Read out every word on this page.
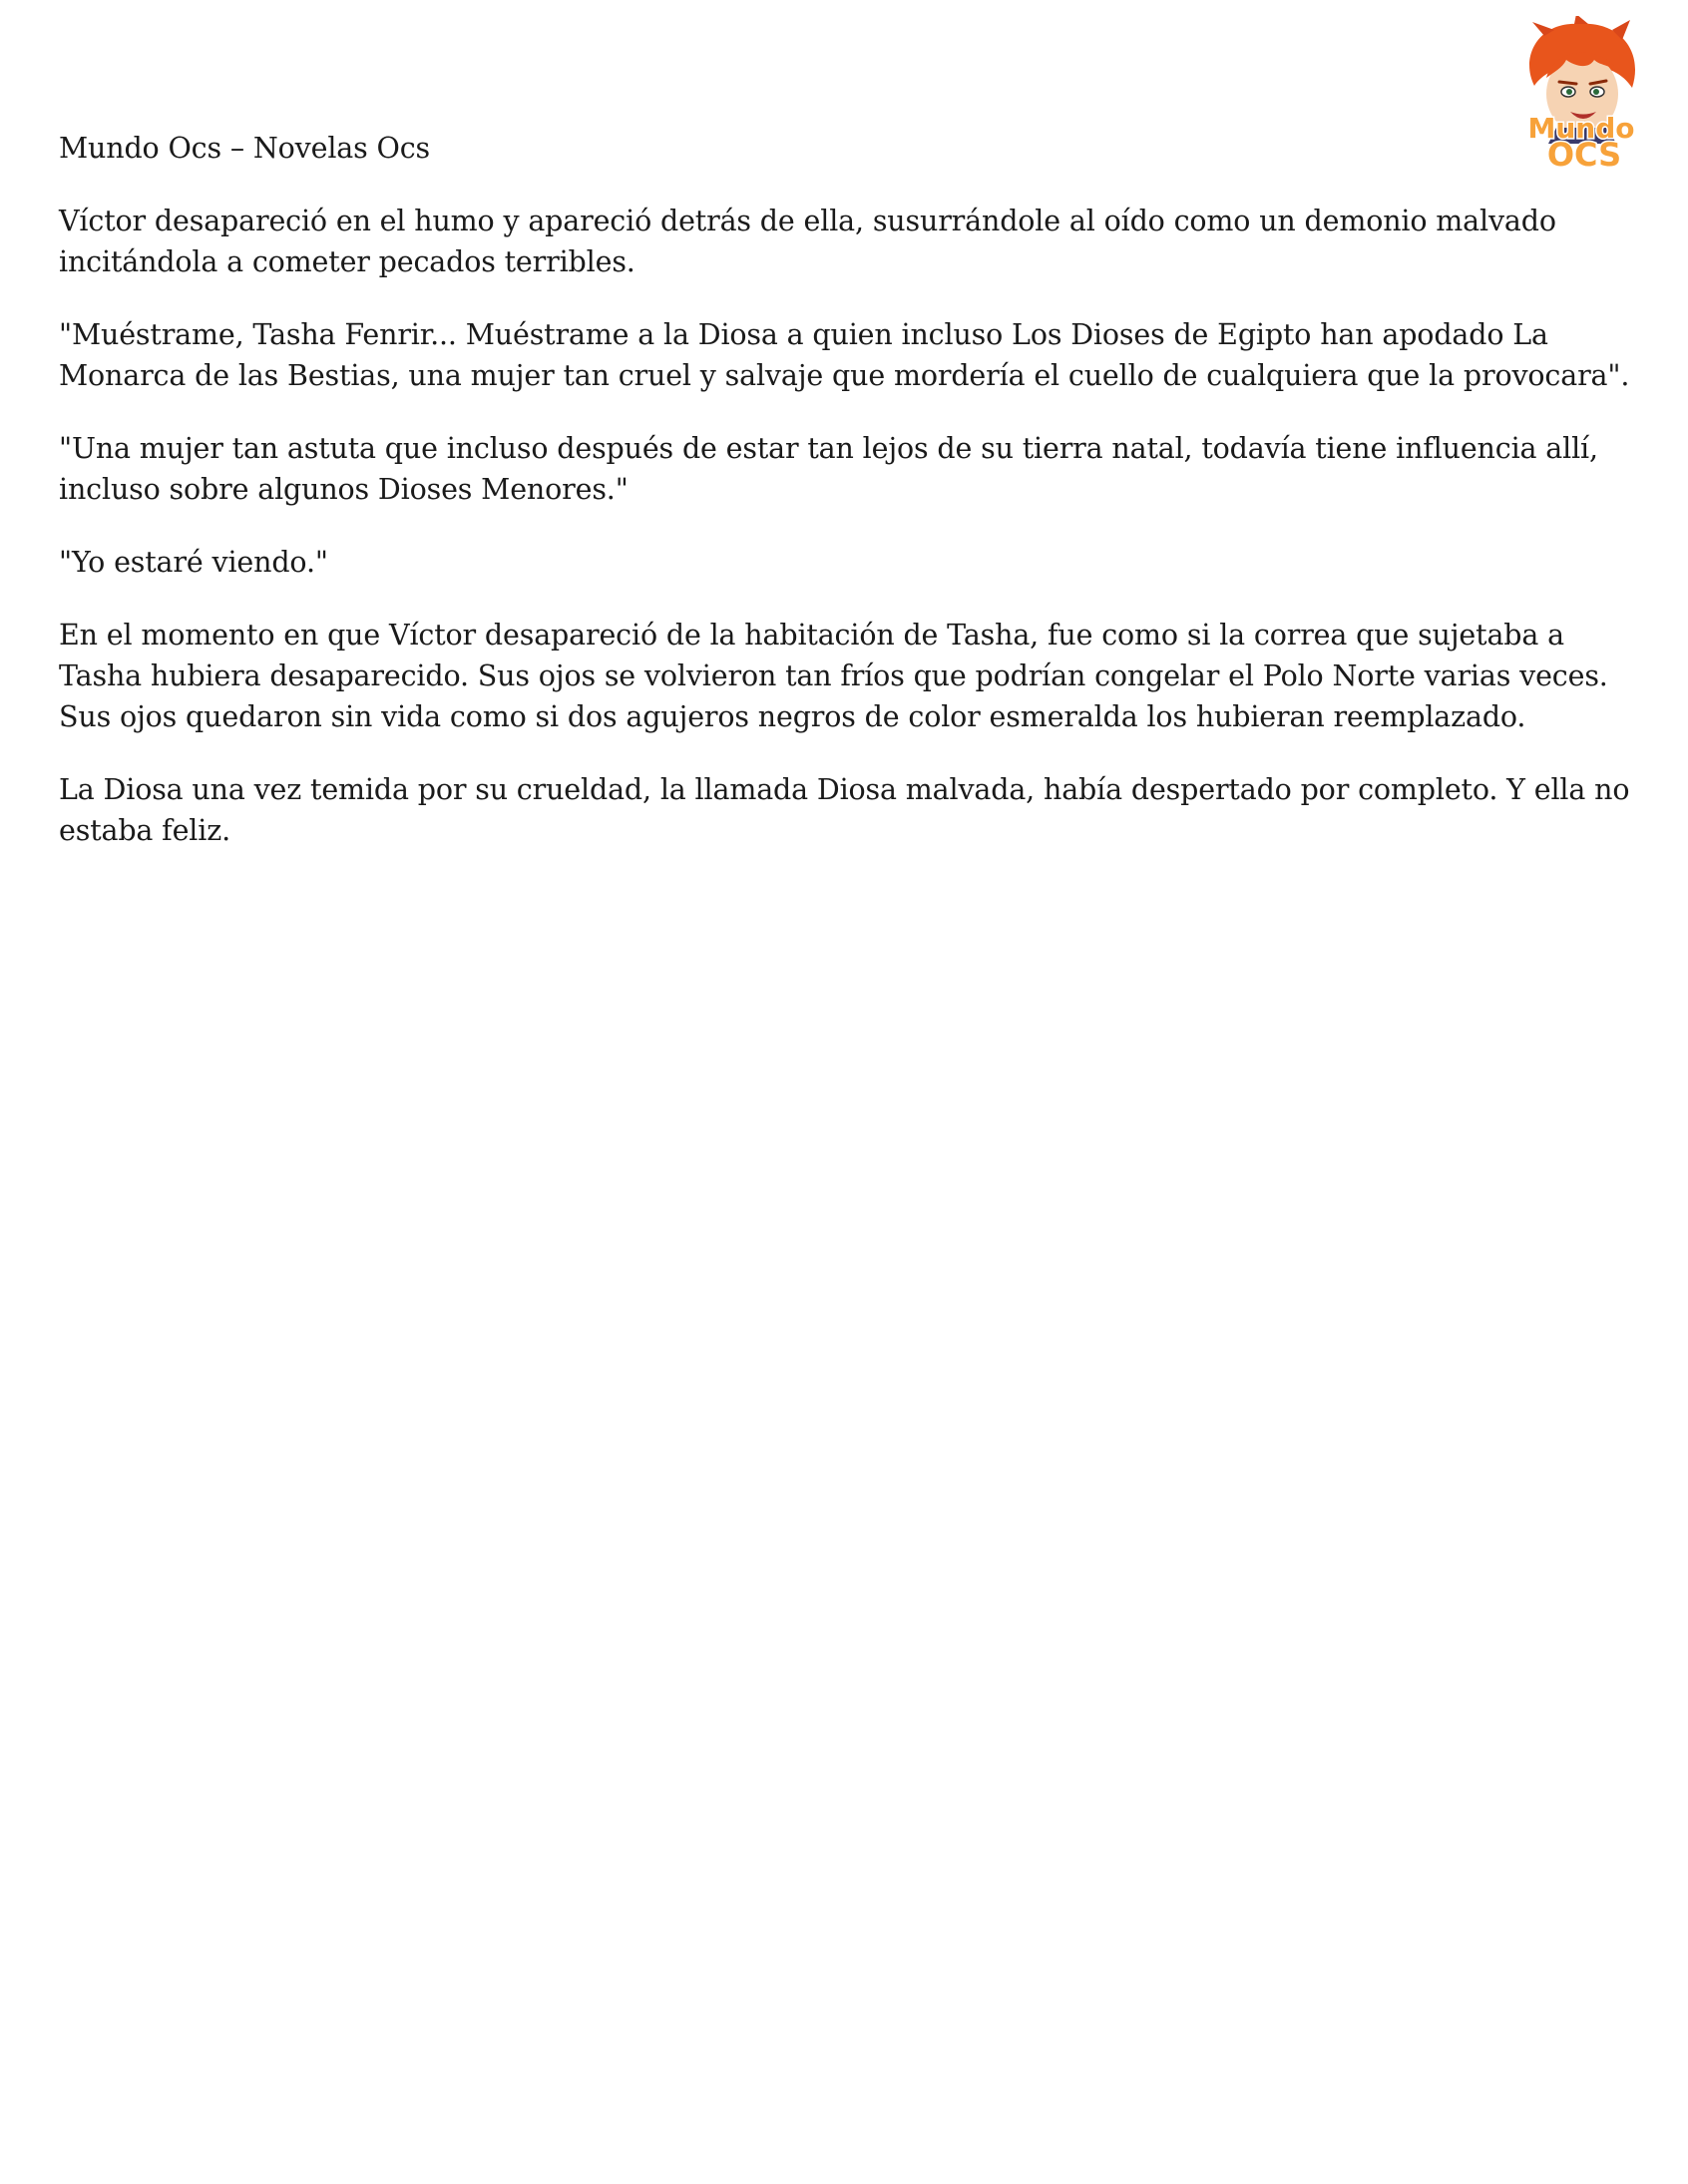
Mundo
OCS

Mundo Ocs – Novelas Ocs

Víctor desapareció en el humo y apareció detrás de ella, susurrándole al oído como un demonio malvado incitándola a cometer pecados terribles.

"Muéstrame, Tasha Fenrir... Muéstrame a la Diosa a quien incluso Los Dioses de Egipto han apodado La Monarca de las Bestias, una mujer tan cruel y salvaje que mordería el cuello de cualquiera que la provocara".

"Una mujer tan astuta que incluso después de estar tan lejos de su tierra natal, todavía tiene influencia allí, incluso sobre algunos Dioses Menores."

"Yo estaré viendo."

En el momento en que Víctor desapareció de la habitación de Tasha, fue como si la correa que sujetaba a Tasha hubiera desaparecido. Sus ojos se volvieron tan fríos que podrían congelar el Polo Norte varias veces. Sus ojos quedaron sin vida como si dos agujeros negros de color esmeralda los hubieran reemplazado.

La Diosa una vez temida por su crueldad, la llamada Diosa malvada, había despertado por completo. Y ella no estaba feliz.
